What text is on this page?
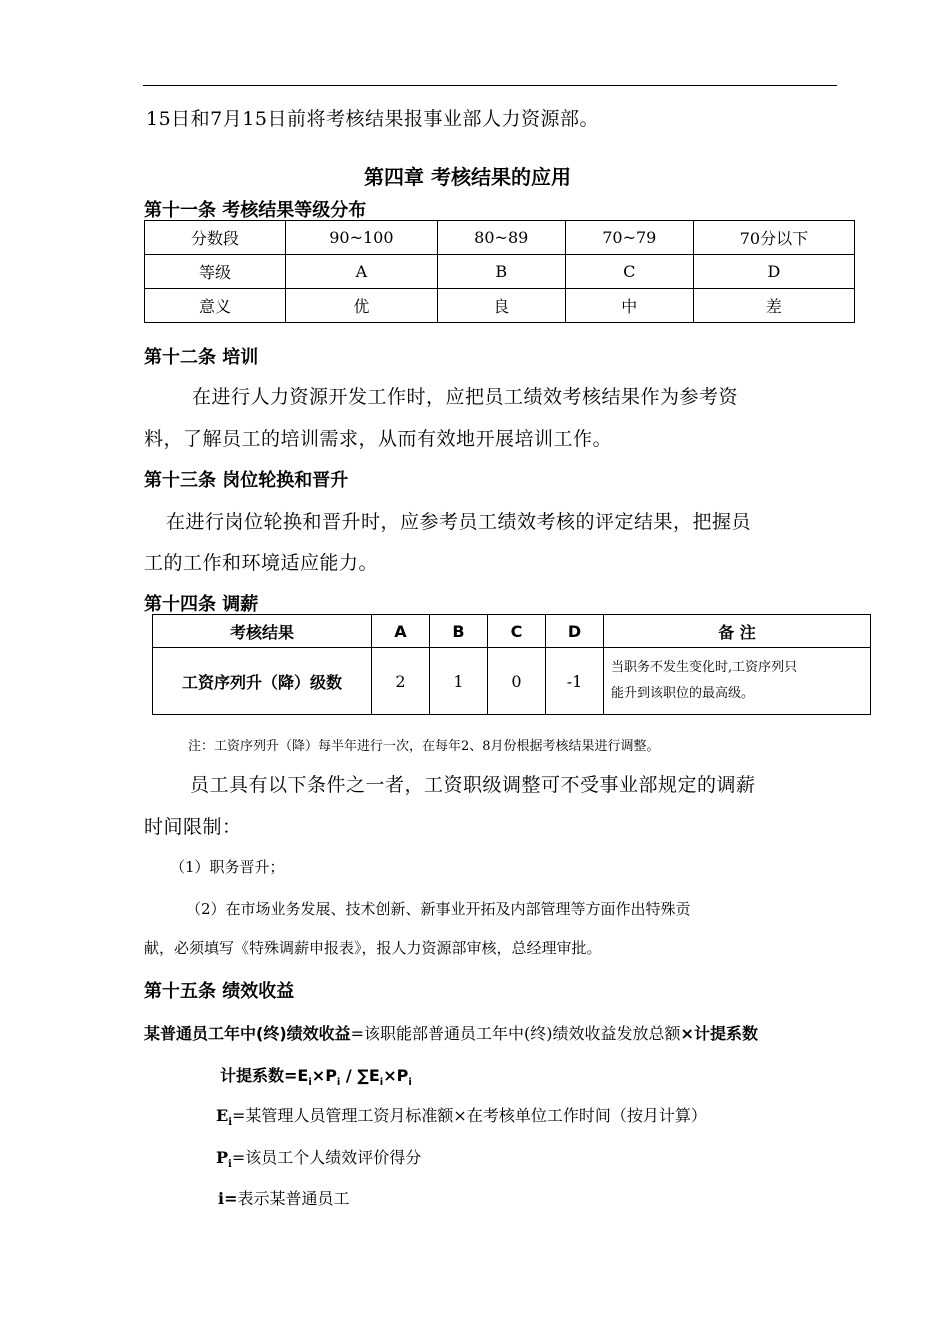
15日和7月15日前将考核结果报事业部人力资源部。
第四章 考核结果的应用
第十一条 考核结果等级分布
分数段	90~100	80~89	70~79	70分以下
等级	A	B	C	D
意义	优	良	中	差
第十二条 培训
在进行人力资源开发工作时，应把员工绩效考核结果作为参考资
料，了解员工的培训需求，从而有效地开展培训工作。
第十三条 岗位轮换和晋升
在进行岗位轮换和晋升时，应参考员工绩效考核的评定结果，把握员
工的工作和环境适应能力。
第十四条 调薪
考核结果	A	B	C	D	备 注
工资序列升（降）级数	2	1	0	-1	当职务不发生变化时,工资序列只
能升到该职位的最高级。
注：工资序列升（降）每半年进行一次，在每年2、8月份根据考核结果进行调整。
员工具有以下条件之一者，工资职级调整可不受事业部规定的调薪
时间限制：
（1）职务晋升；
（2）在市场业务发展、技术创新、新事业开拓及内部管理等方面作出特殊贡
献，必须填写《特殊调薪申报表》，报人力资源部审核，总经理审批。
第十五条 绩效收益
某普通员工年中(终)绩效收益=该职能部普通员工年中(终)绩效收益发放总额×计提系数
计提系数$=E_i\times P_i / \sum E_i\times P_i$
$E_i=$某管理人员管理工资月标准额×在考核单位工作时间（按月计算）
$P_i=$该员工个人绩效评价得分
i=表示某普通员工
